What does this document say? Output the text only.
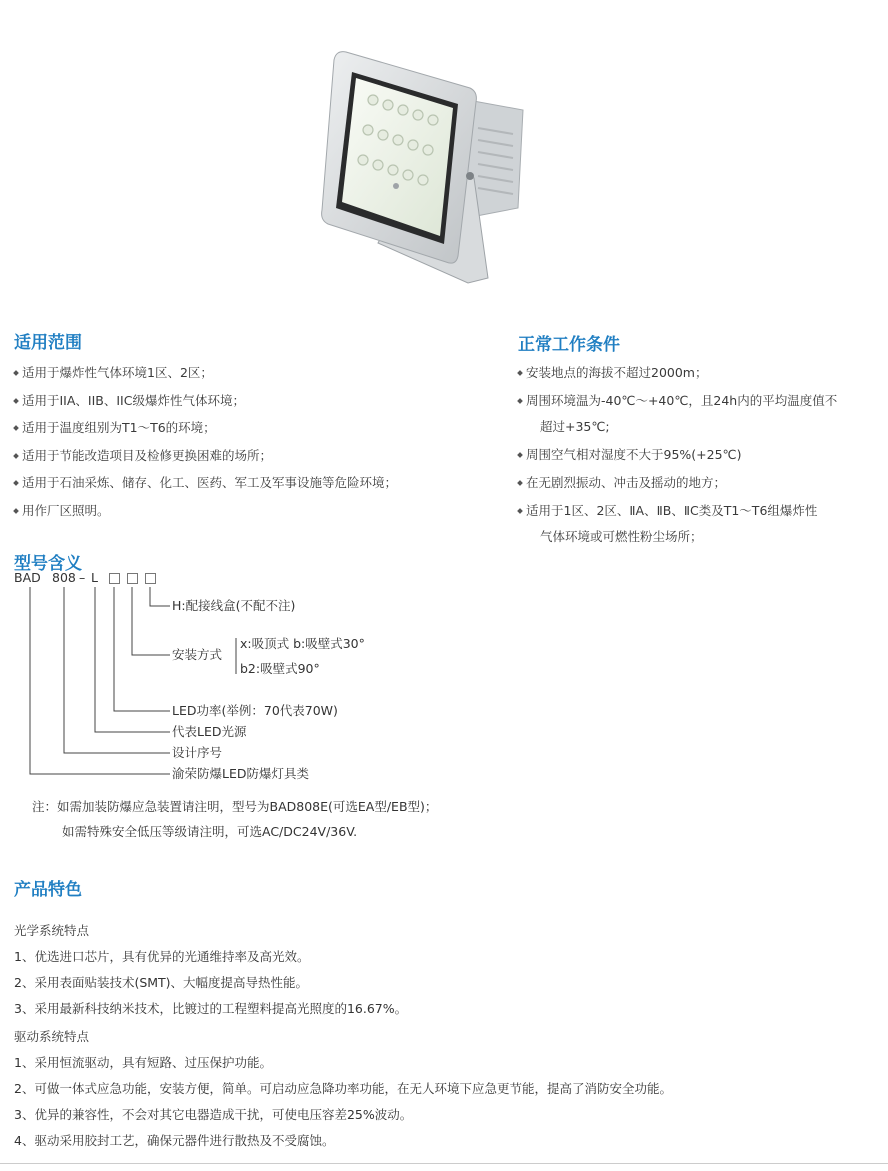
适用范围
适用于爆炸性气体环境1区、2区；
适用于IIA、IIB、IIC级爆炸性气体环境；
适用于温度组别为T1～T6的环境；
适用于节能改造项目及检修更换困难的场所；
适用于石油采炼、储存、化工、医药、军工及军事设施等危险环境；
用作厂区照明。
正常工作条件
安装地点的海拔不超过2000m；
周围环境温为-40℃～+40℃，且24h内的平均温度值不
超过+35℃;
周围空气相对湿度不大于95%(+25℃)
在无剧烈振动、冲击及摇动的地方；
适用于1区、2区、ⅡA、ⅡB、ⅡC类及T1～T6组爆炸性
气体环境或可燃性粉尘场所；
型号含义
BAD 808 – L
H:配接线盒(不配不注)
安装方式
x:吸顶式 b:吸壁式30°
b2:吸壁式90°
LED功率(举例：70代表70W)
代表LED光源
设计序号
渝荣防爆LED防爆灯具类
注：如需加装防爆应急装置请注明，型号为BAD808E(可选EA型/EB型)；
如需特殊安全低压等级请注明，可选AC/DC24V/36V.
产品特色
光学系统特点
1、优选进口芯片，具有优异的光通维持率及高光效。
2、采用表面贴装技术(SMT)、大幅度提高导热性能。
3、采用最新科技纳米技术，比镀过的工程塑料提高光照度的16.67%。
驱动系统特点
1、采用恒流驱动，具有短路、过压保护功能。
2、可做一体式应急功能，安装方便，简单。可启动应急降功率功能，在无人环境下应急更节能，提高了消防安全功能。
3、优异的兼容性，不会对其它电器造成干扰，可使电压容差25%波动。
4、驱动采用胶封工艺，确保元器件进行散热及不受腐蚀。
